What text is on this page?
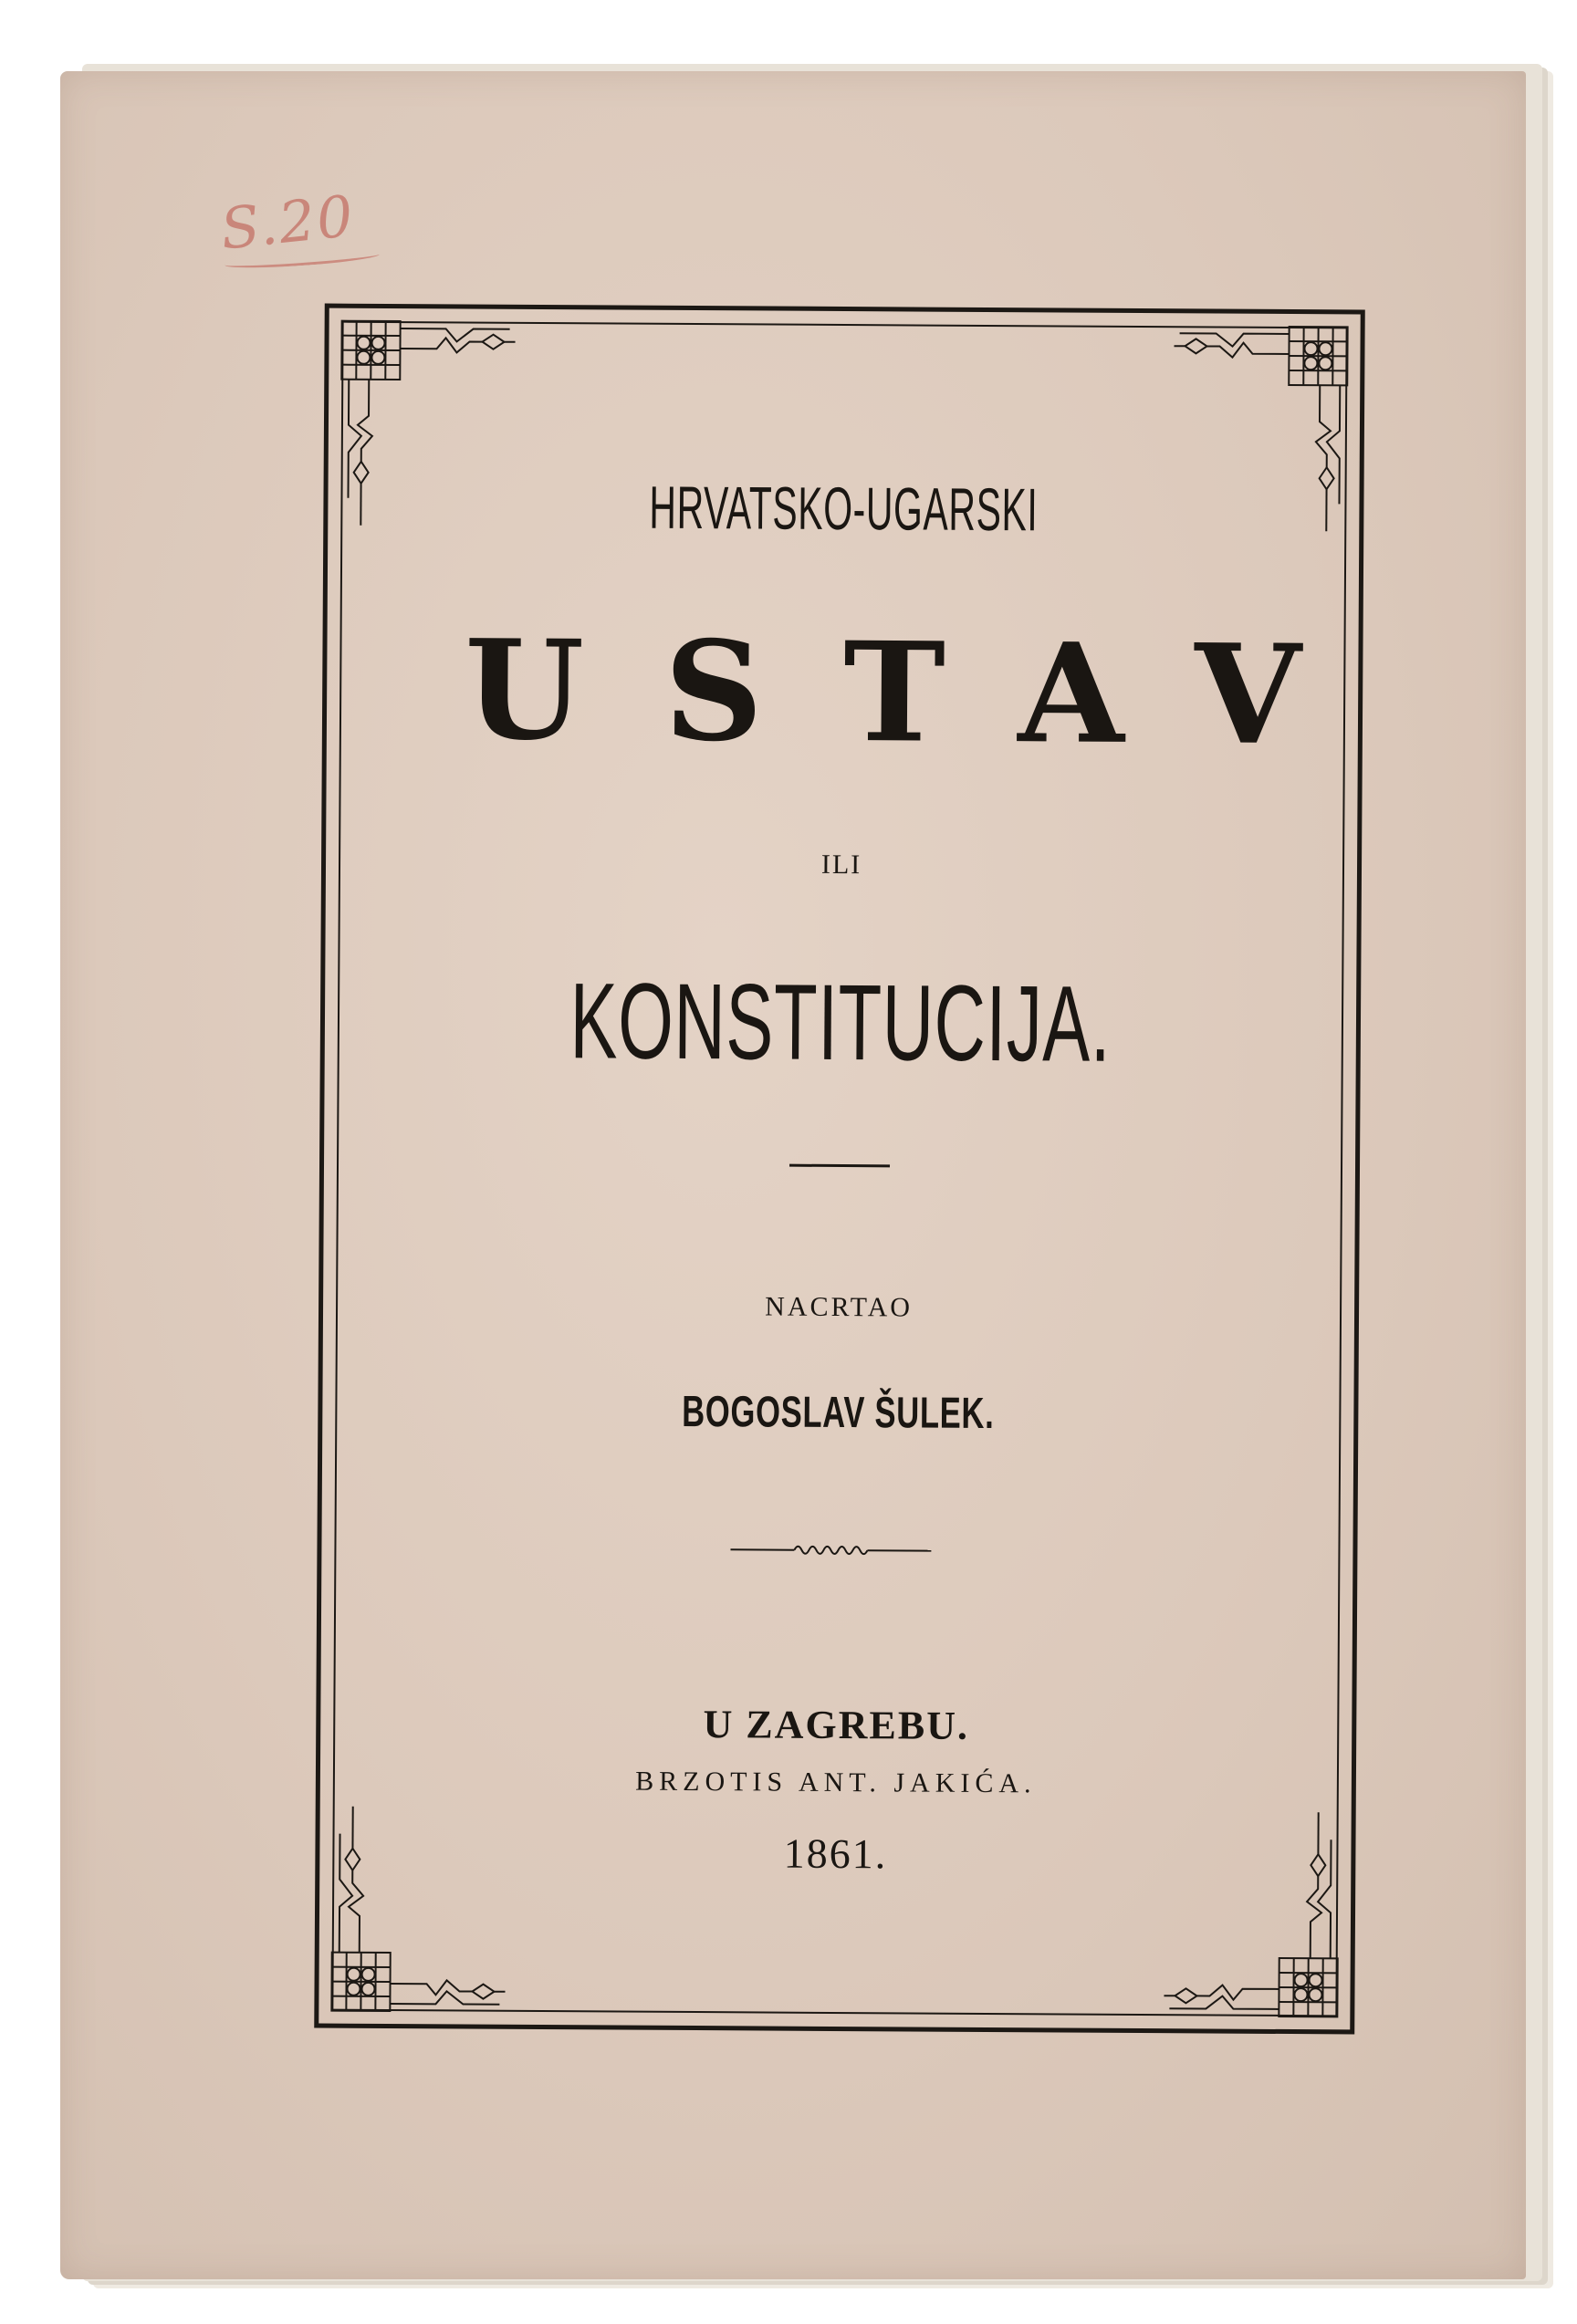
S.20
HRVATSKO-UGARSKI
USTAV
ILI
KONSTITUCIJA.
NACRTAO
BOGOSLAV ŠULEK.
U ZAGREBU.
BRZOTIS ANT. JAKIĆA.
1861.
